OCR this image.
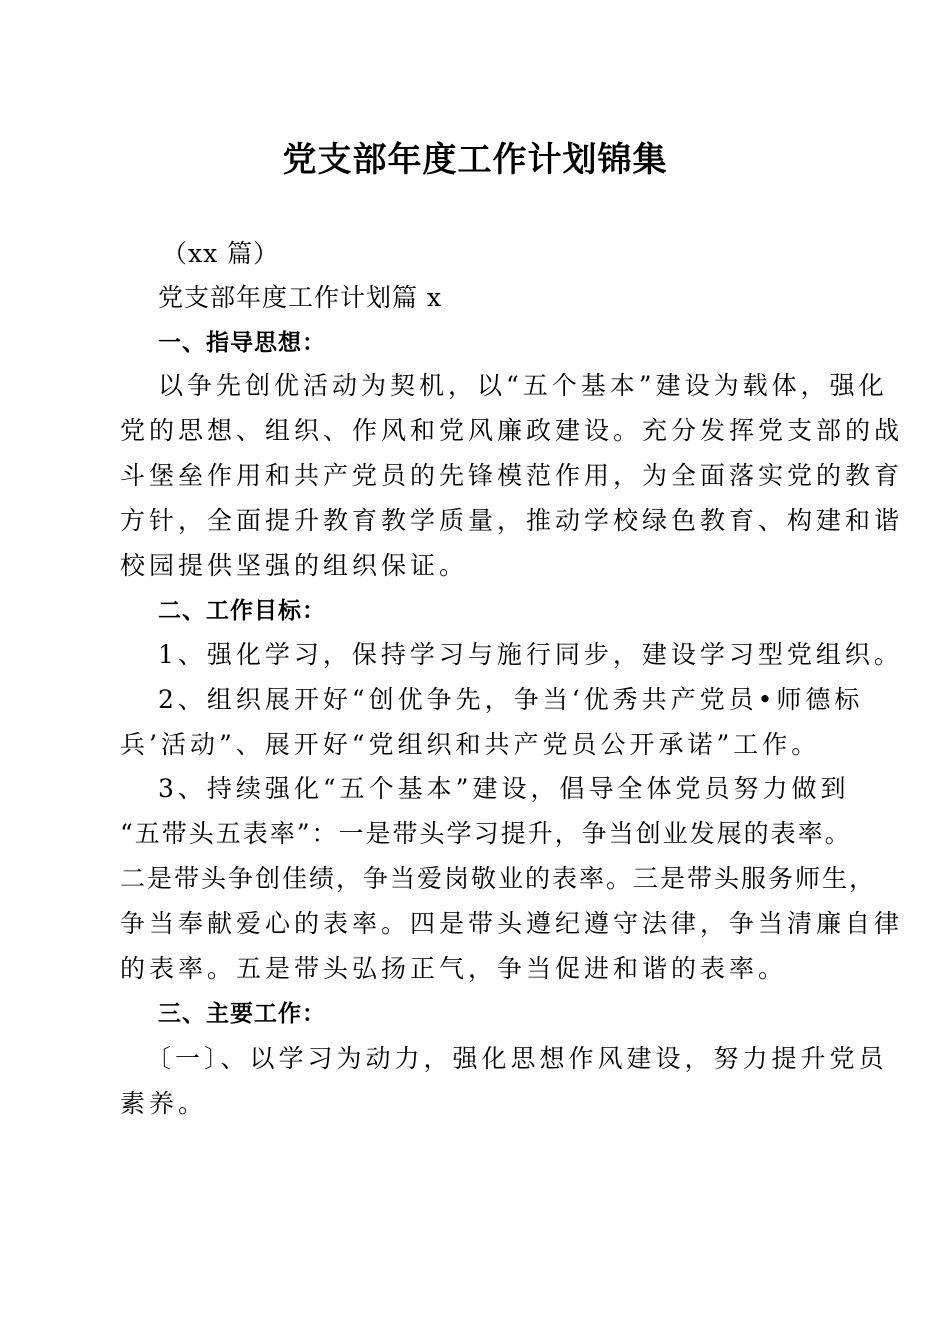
党支部年度工作计划锦集
（xx 篇）
党支部年度工作计划篇 x
一、指导思想：
以争先创优活动为契机，以“五个基本”建设为载体，强化
党的思想、组织、作风和党风廉政建设。充分发挥党支部的战
斗堡垒作用和共产党员的先锋模范作用，为全面落实党的教育
方针，全面提升教育教学质量，推动学校绿色教育、构建和谐
校园提供坚强的组织保证。
二、工作目标：
1、强化学习，保持学习与施行同步，建设学习型党组织。
2、组织展开好“创优争先，争当‘优秀共产党员•师德标
兵’活动”、展开好“党组织和共产党员公开承诺”工作。
3、持续强化“五个基本”建设，倡导全体党员努力做到
“五带头五表率”：一是带头学习提升，争当创业发展的表率。
二是带头争创佳绩，争当爱岗敬业的表率。三是带头服务师生，
争当奉献爱心的表率。四是带头遵纪遵守法律，争当清廉自律
的表率。五是带头弘扬正气，争当促进和谐的表率。
三、主要工作：
〔一〕、以学习为动力，强化思想作风建设，努力提升党员
素养。
